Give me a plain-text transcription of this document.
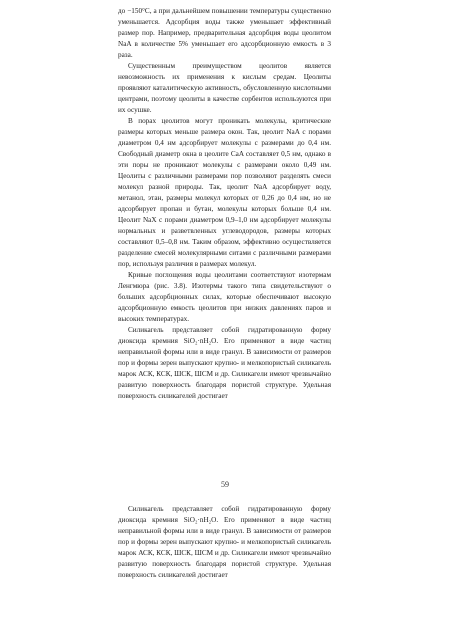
до −150°С, а при дальнейшем повышении температуры существенно уменьшается. Адсорбция воды также уменьшает эффективный размер пор. Например, предварительная адсорбция воды цеолитом NaA в количестве 5% уменьшает его адсорбционную емкость в 3 раза.

Существенным преимуществом цеолитов является невозможность их применения к кислым средам. Цеолиты проявляют каталитическую активность, обусловленную кислотными центрами, поэтому цеолиты в качестве сорбентов используются при их осушке.

В порах цеолитов могут проникать молекулы, критические размеры которых меньше размера окон. Так, цеолит NaA с порами диаметром 0,4 нм адсорбирует молекулы с размерами до 0,4 нм. Свободный диаметр окна в цеолите CaA составляет 0,5 нм, однако в эти поры не проникают молекулы с размерами около 0,49 нм. Цеолиты с различными размерами пор позволяют разделять смеси молекул разной природы. Так, цеолит NaA адсорбирует воду, метанол, этан, размеры молекул которых от 0,26 до 0,4 нм, но не адсорбирует пропан и бутан, молекулы которых больше 0,4 нм. Цеолит NaX с порами диаметром 0,9–1,0 нм адсорбирует молекулы нормальных и разветвленных углеводородов, размеры которых составляют 0,5–0,8 нм. Таким образом, эффективно осуществляется разделение смесей молекулярными ситами с различными размерами пор, используя различия в размерах молекул.

Кривые поглощения воды цеолитами соответствуют изотермам Ленгмюра (рис. 3.8). Изотермы такого типа свидетельствуют о больших адсорбционных силах, которые обеспечивают высокую адсорбционную емкость цеолитов при низких давлениях паров и высоких температурах.

Силикагель представляет собой гидратированную форму диоксида кремния SiO₂·nH₂O. Его применяют в виде частиц неправильной формы или в виде гранул. В зависимости от размеров пор и формы зерен выпускают крупно- и мелкопористый силикагель марок АСК, КСК, ШСК, ШСМ и др. Силикагели имеют чрезвычайно развитую поверхность благодаря пористой структуре. Удельная поверхность силикагелей достигает

59

Силикагель представляет собой гидратированную форму диоксида кремния SiO₂·nH₂O. Его применяют в виде частиц неправильной формы или в виде гранул. В зависимости от размеров пор и формы зерен выпускают крупно- и мелкопористый силикагель марок АСК, КСК, ШСК, ШСМ и др. Силикагели имеют чрезвычайно развитую поверхность благодаря пористой структуре. Удельная поверхность силикагелей достигает
